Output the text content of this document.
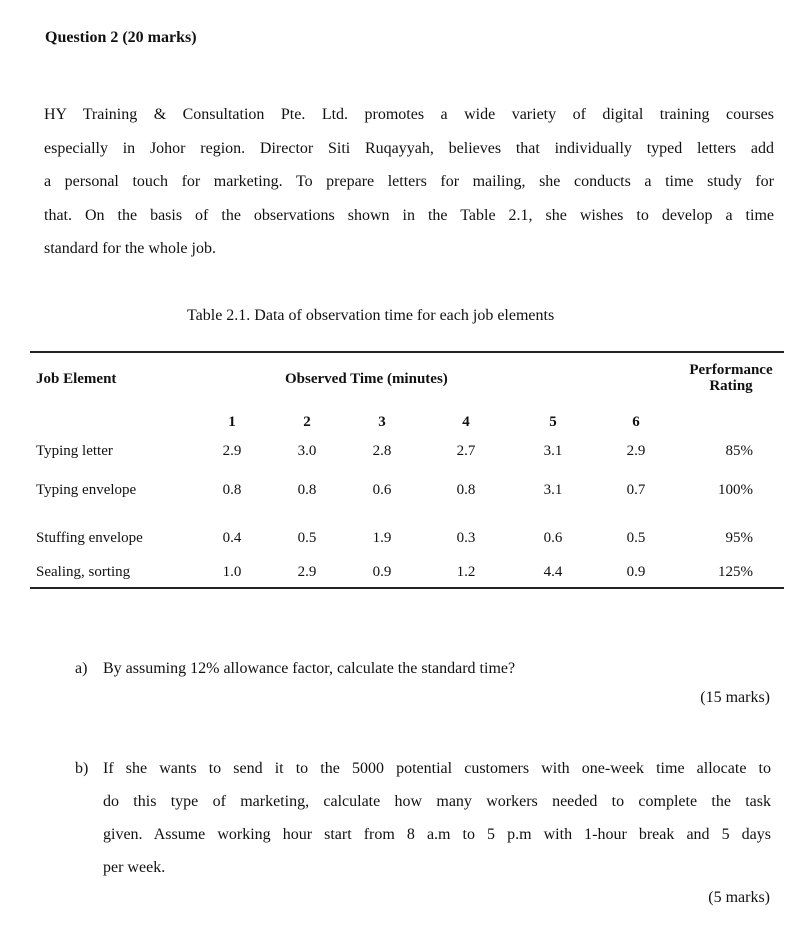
Question 2 (20 marks)
HY Training & Consultation Pte. Ltd. promotes a wide variety of digital training courses
especially in Johor region. Director Siti Ruqayyah, believes that individually typed letters add
a personal touch for marketing. To prepare letters for mailing, she conducts a time study for
that. On the basis of the observations shown in the Table 2.1, she wishes to develop a time
standard for the whole job.
Table 2.1. Data of observation time for each job elements
Job Element	Observed Time (minutes)
Performance
Rating
1	2	3	4	5	6
Typing letter	2.9	3.0	2.8	2.7	3.1	2.9	85%
Typing envelope	0.8	0.8	0.6	0.8	3.1	0.7	100%
Stuffing envelope	0.4	0.5	1.9	0.3	0.6	0.5	95%
Sealing, sorting	1.0	2.9	0.9	1.2	4.4	0.9	125%
a) By assuming 12% allowance factor, calculate the standard time?
(15 marks)
b) If she wants to send it to the 5000 potential customers with one-week time allocate to
do this type of marketing, calculate how many workers needed to complete the task
given. Assume working hour start from 8 a.m to 5 p.m with 1-hour break and 5 days
per week.
(5 marks)
